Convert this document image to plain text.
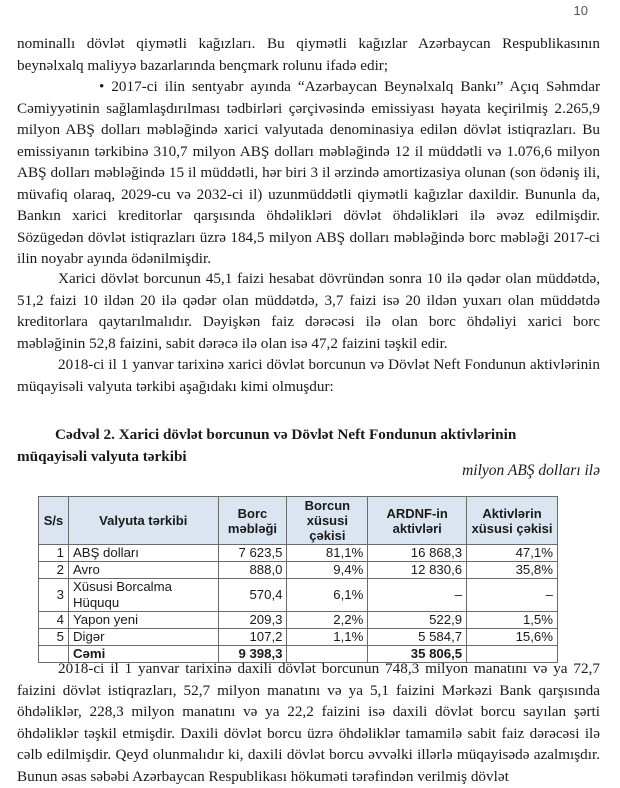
10

nominallı dövlət qiymətli kağızları. Bu qiymətli kağızlar Azərbaycan Respublikasının beynəlxalq maliyyə bazarlarında bençmark rolunu ifadə edir;

• 2017-ci ilin sentyabr ayında “Azərbaycan Beynəlxalq Bankı” Açıq Səhmdar Cəmiyyətinin sağlamlaşdırılması tədbirləri çərçivəsində emissiyası həyata keçirilmiş 2.265,9 milyon ABŞ dolları məbləğində xarici valyutada denominasiya edilən dövlət istiqrazları. Bu emissiyanın tərkibinə 310,7 milyon ABŞ dolları məbləğində 12 il müddətli və 1.076,6 milyon ABŞ dolları məbləğində 15 il müddətli, hər biri 3 il ərzində amortizasiya olunan (son ödəniş ili, müvafiq olaraq, 2029-cu və 2032-ci il) uzunmüddətli qiymətli kağızlar daxildir. Bununla da, Bankın xarici kreditorlar qarşısında öhdəlikləri dövlət öhdəlikləri ilə əvəz edilmişdir. Sözügedən dövlət istiqrazları üzrə 184,5 milyon ABŞ dolları məbləğində borc məbləği 2017-ci ilin noyabr ayında ödənilmişdir.

Xarici dövlət borcunun 45,1 faizi hesabat dövründən sonra 10 ilə qədər olan müddətdə, 51,2 faizi 10 ildən 20 ilə qədər olan müddətdə, 3,7 faizi isə 20 ildən yuxarı olan müddətdə kreditorlara qaytarılmalıdır. Dəyişkən faiz dərəcəsi ilə olan borc öhdəliyi xarici borc məbləğinin 52,8 faizini, sabit dərəcə ilə olan isə 47,2 faizini təşkil edir.

2018-ci il 1 yanvar tarixinə xarici dövlət borcunun və Dövlət Neft Fondunun aktivlərinin müqayisəli valyuta tərkibi aşağıdakı kimi olmuşdur:

Cədvəl 2. Xarici dövlət borcunun və Dövlət Neft Fondunun aktivlərinin
müqayisəli valyuta tərkibi
milyon ABŞ dolları ilə
S/s	Valyuta tərkibi	Borc məbləği	Borcun xüsusi çəkisi	ARDNF-in aktivləri	Aktivlərin xüsusi çəkisi
1	ABŞ dolları	7 623,5	81,1%	16 868,3	47,1%
2	Avro	888,0	9,4%	12 830,6	35,8%
3	Xüsusi Borcalma Hüququ	570,4	6,1%	–	–
4	Yapon yeni	209,3	2,2%	522,9	1,5%
5	Digər	107,2	1,1%	5 584,7	15,6%
	Cəmi	9 398,3		35 806,5	

2018-ci il 1 yanvar tarixinə daxili dövlət borcunun 748,3 milyon manatını və ya 72,7 faizini dövlət istiqrazları, 52,7 milyon manatını və ya 5,1 faizini Mərkəzi Bank qarşısında öhdəliklər, 228,3 milyon manatını və ya 22,2 faizini isə daxili dövlət borcu sayılan şərti öhdəliklər təşkil etmişdir. Daxili dövlət borcu üzrə öhdəliklər tamamilə sabit faiz dərəcəsi ilə cəlb edilmişdir. Qeyd olunmalıdır ki, daxili dövlət borcu əvvəlki illərlə müqayisədə azalmışdır. Bunun əsas səbəbi Azərbaycan Respublikası hökuməti tərəfindən verilmiş dövlət
